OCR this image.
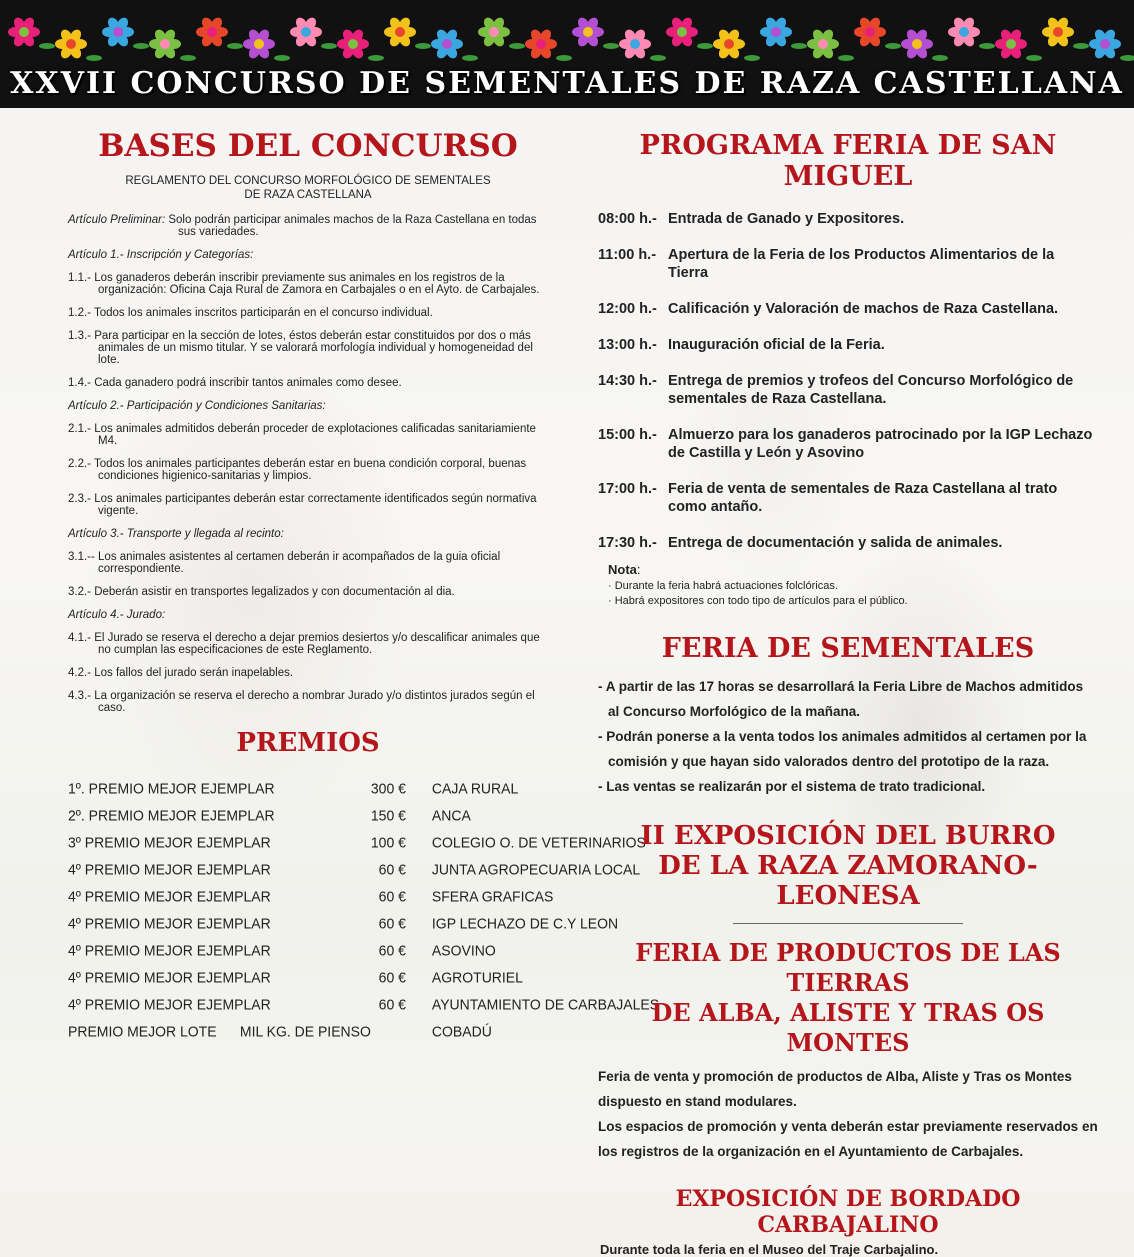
XXVII CONCURSO DE SEMENTALES DE RAZA CASTELLANA
BASES DEL CONCURSO
REGLAMENTO DEL CONCURSO MORFOLÓGICO DE SEMENTALES
DE RAZA CASTELLANA
Artículo Preliminar: Solo podrán participar animales machos de la Raza Castellana en todas sus variedades.
Artículo 1.- Inscripción y Categorías:
1.1.- Los ganaderos deberán inscribir previamente sus animales en los registros de la organización: Oficina Caja Rural de Zamora en Carbajales o en el Ayto. de Carbajales.
1.2.- Todos los animales inscritos participarán en el concurso individual.
1.3.- Para participar en la sección de lotes, éstos deberán estar constituidos por dos o más animales de un mismo titular. Y se valorará morfología individual y homogeneidad del lote.
1.4.- Cada ganadero podrá inscribir tantos animales como desee.
Artículo 2.- Participación y Condiciones Sanitarias:
2.1.- Los animales admitidos deberán proceder de explotaciones calificadas sanitariamiente M4.
2.2.- Todos los animales participantes deberán estar en buena condición corporal, buenas condiciones higienico-sanitarias y limpios.
2.3.- Los animales participantes deberán estar correctamente identificados según normativa vigente.
Artículo 3.- Transporte y llegada al recinto:
3.1.-- Los animales asistentes al certamen deberán ir acompañados de la guia oficial correspondiente.
3.2.- Deberán asistir en transportes legalizados y con documentación al dia.
Artículo 4.- Jurado:
4.1.- El Jurado se reserva el derecho a dejar premios desiertos y/o descalificar animales que no cumplan las especificaciones de este Reglamento.
4.2.- Los fallos del jurado serán inapelables.
4.3.- La organización se reserva el derecho a nombrar Jurado y/o distintos jurados según el caso.
PREMIOS
1º. PREMIO MEJOR EJEMPLAR	300 €	CAJA RURAL
2º. PREMIO MEJOR EJEMPLAR	150 €	ANCA
3º PREMIO MEJOR EJEMPLAR	100 €	COLEGIO O. DE VETERINARIOS
4º PREMIO MEJOR EJEMPLAR	60 €	JUNTA AGROPECUARIA LOCAL
4º PREMIO MEJOR EJEMPLAR	60 €	SFERA GRAFICAS
4º PREMIO MEJOR EJEMPLAR	60 €	IGP LECHAZO DE C.Y LEON
4º PREMIO MEJOR EJEMPLAR	60 €	ASOVINO
4º PREMIO MEJOR EJEMPLAR	60 €	AGROTURIEL
4º PREMIO MEJOR EJEMPLAR	60 €	AYUNTAMIENTO DE CARBAJALES
PREMIO MEJOR LOTE      MIL KG. DE PIENSO		COBADÚ
PROGRAMA FERIA DE SAN MIGUEL
08:00 h.- Entrada de Ganado y Expositores.
11:00 h.- Apertura de la Feria de los Productos Alimentarios de la Tierra
12:00 h.- Calificación y Valoración de machos de Raza Castellana.
13:00 h.- Inauguración oficial de la Feria.
14:30 h.- Entrega de premios y trofeos del Concurso Morfológico de sementales de Raza Castellana.
15:00 h.- Almuerzo para los ganaderos patrocinado por la IGP Lechazo de Castilla y León y Asovino
17:00 h.- Feria de venta de sementales de Raza Castellana al trato como antaño.
17:30 h.- Entrega de documentación y salida de animales.
Nota:
· Durante la feria habrá actuaciones folclóricas.
· Habrá expositores con todo tipo de artículos para el público.
FERIA DE SEMENTALES
- A partir de las 17 horas se desarrollará la Feria Libre de Machos admitidos al Concurso Morfológico de la mañana.
- Podrán ponerse a la venta todos los animales admitidos al certamen por la comisión y que hayan sido valorados dentro del prototipo de la raza.
- Las ventas se realizarán por el sistema de trato tradicional.
II EXPOSICIÓN DEL BURRO
DE LA RAZA ZAMORANO-LEONESA
FERIA DE PRODUCTOS DE LAS TIERRAS
DE ALBA, ALISTE Y TRAS OS MONTES
Feria de venta y promoción de productos de Alba, Aliste y Tras os Montes dispuesto en stand modulares.
Los espacios de promoción y venta deberán estar previamente reservados en los registros de la organización en el Ayuntamiento de Carbajales.
EXPOSICIÓN DE BORDADO CARBAJALINO
Durante toda la feria en el Museo del Traje Carbajalino.
